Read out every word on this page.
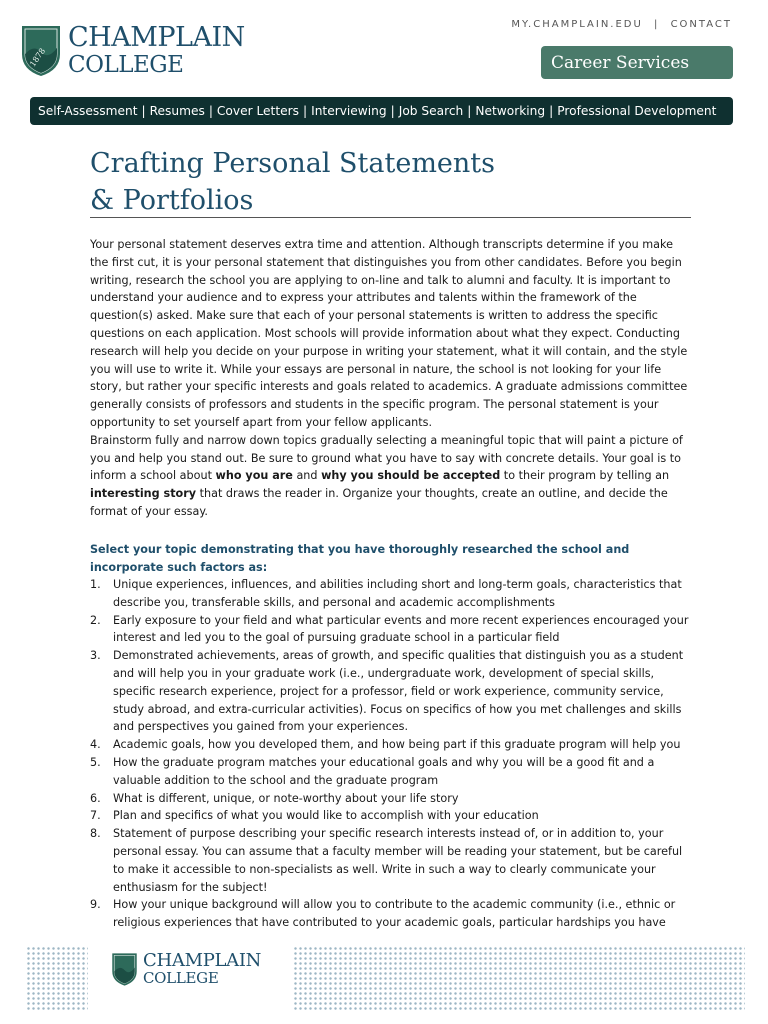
1878
CHAMPLAIN
COLLEGE
MY.CHAMPLAIN.EDU | CONTACT
Career Services
Self-Assessment | Resumes | Cover Letters | Interviewing | Job Search | Networking | Professional Development
Crafting Personal Statements
& Portfolios

Your personal statement deserves extra time and attention. Although transcripts determine if you make the first cut, it is your personal statement that distinguishes you from other candidates. Before you begin writing, research the school you are applying to on-line and talk to alumni and faculty. It is important to understand your audience and to express your attributes and talents within the framework of the question(s) asked. Make sure that each of your personal statements is written to address the specific questions on each application. Most schools will provide information about what they expect. Conducting research will help you decide on your purpose in writing your statement, what it will contain, and the style you will use to write it. While your essays are personal in nature, the school is not looking for your life story, but rather your specific interests and goals related to academics. A graduate admissions committee generally consists of professors and students in the specific program. The personal statement is your opportunity to set yourself apart from your fellow applicants.

Brainstorm fully and narrow down topics gradually selecting a meaningful topic that will paint a picture of you and help you stand out. Be sure to ground what you have to say with concrete details. Your goal is to inform a school about who you are and why you should be accepted to their program by telling an interesting story that draws the reader in. Organize your thoughts, create an outline, and decide the format of your essay.

Select your topic demonstrating that you have thoroughly researched the school and incorporate such factors as:
1. Unique experiences, influences, and abilities including short and long-term goals, characteristics that describe you, transferable skills, and personal and academic accomplishments
2. Early exposure to your field and what particular events and more recent experiences encouraged your interest and led you to the goal of pursuing graduate school in a particular field
3. Demonstrated achievements, areas of growth, and specific qualities that distinguish you as a student and will help you in your graduate work (i.e., undergraduate work, development of special skills, specific research experience, project for a professor, field or work experience, community service, study abroad, and extra-curricular activities). Focus on specifics of how you met challenges and skills and perspectives you gained from your experiences.
4. Academic goals, how you developed them, and how being part if this graduate program will help you
5. How the graduate program matches your educational goals and why you will be a good fit and a valuable addition to the school and the graduate program
6. What is different, unique, or note-worthy about your life story
7. Plan and specifics of what you would like to accomplish with your education
8. Statement of purpose describing your specific research interests instead of, or in addition to, your personal essay. You can assume that a faculty member will be reading your statement, but be careful to make it accessible to non-specialists as well. Write in such a way to clearly communicate your enthusiasm for the subject!
9. How your unique background will allow you to contribute to the academic community (i.e., ethnic or religious experiences that have contributed to your academic goals, particular hardships you have
CHAMPLAIN
COLLEGE
